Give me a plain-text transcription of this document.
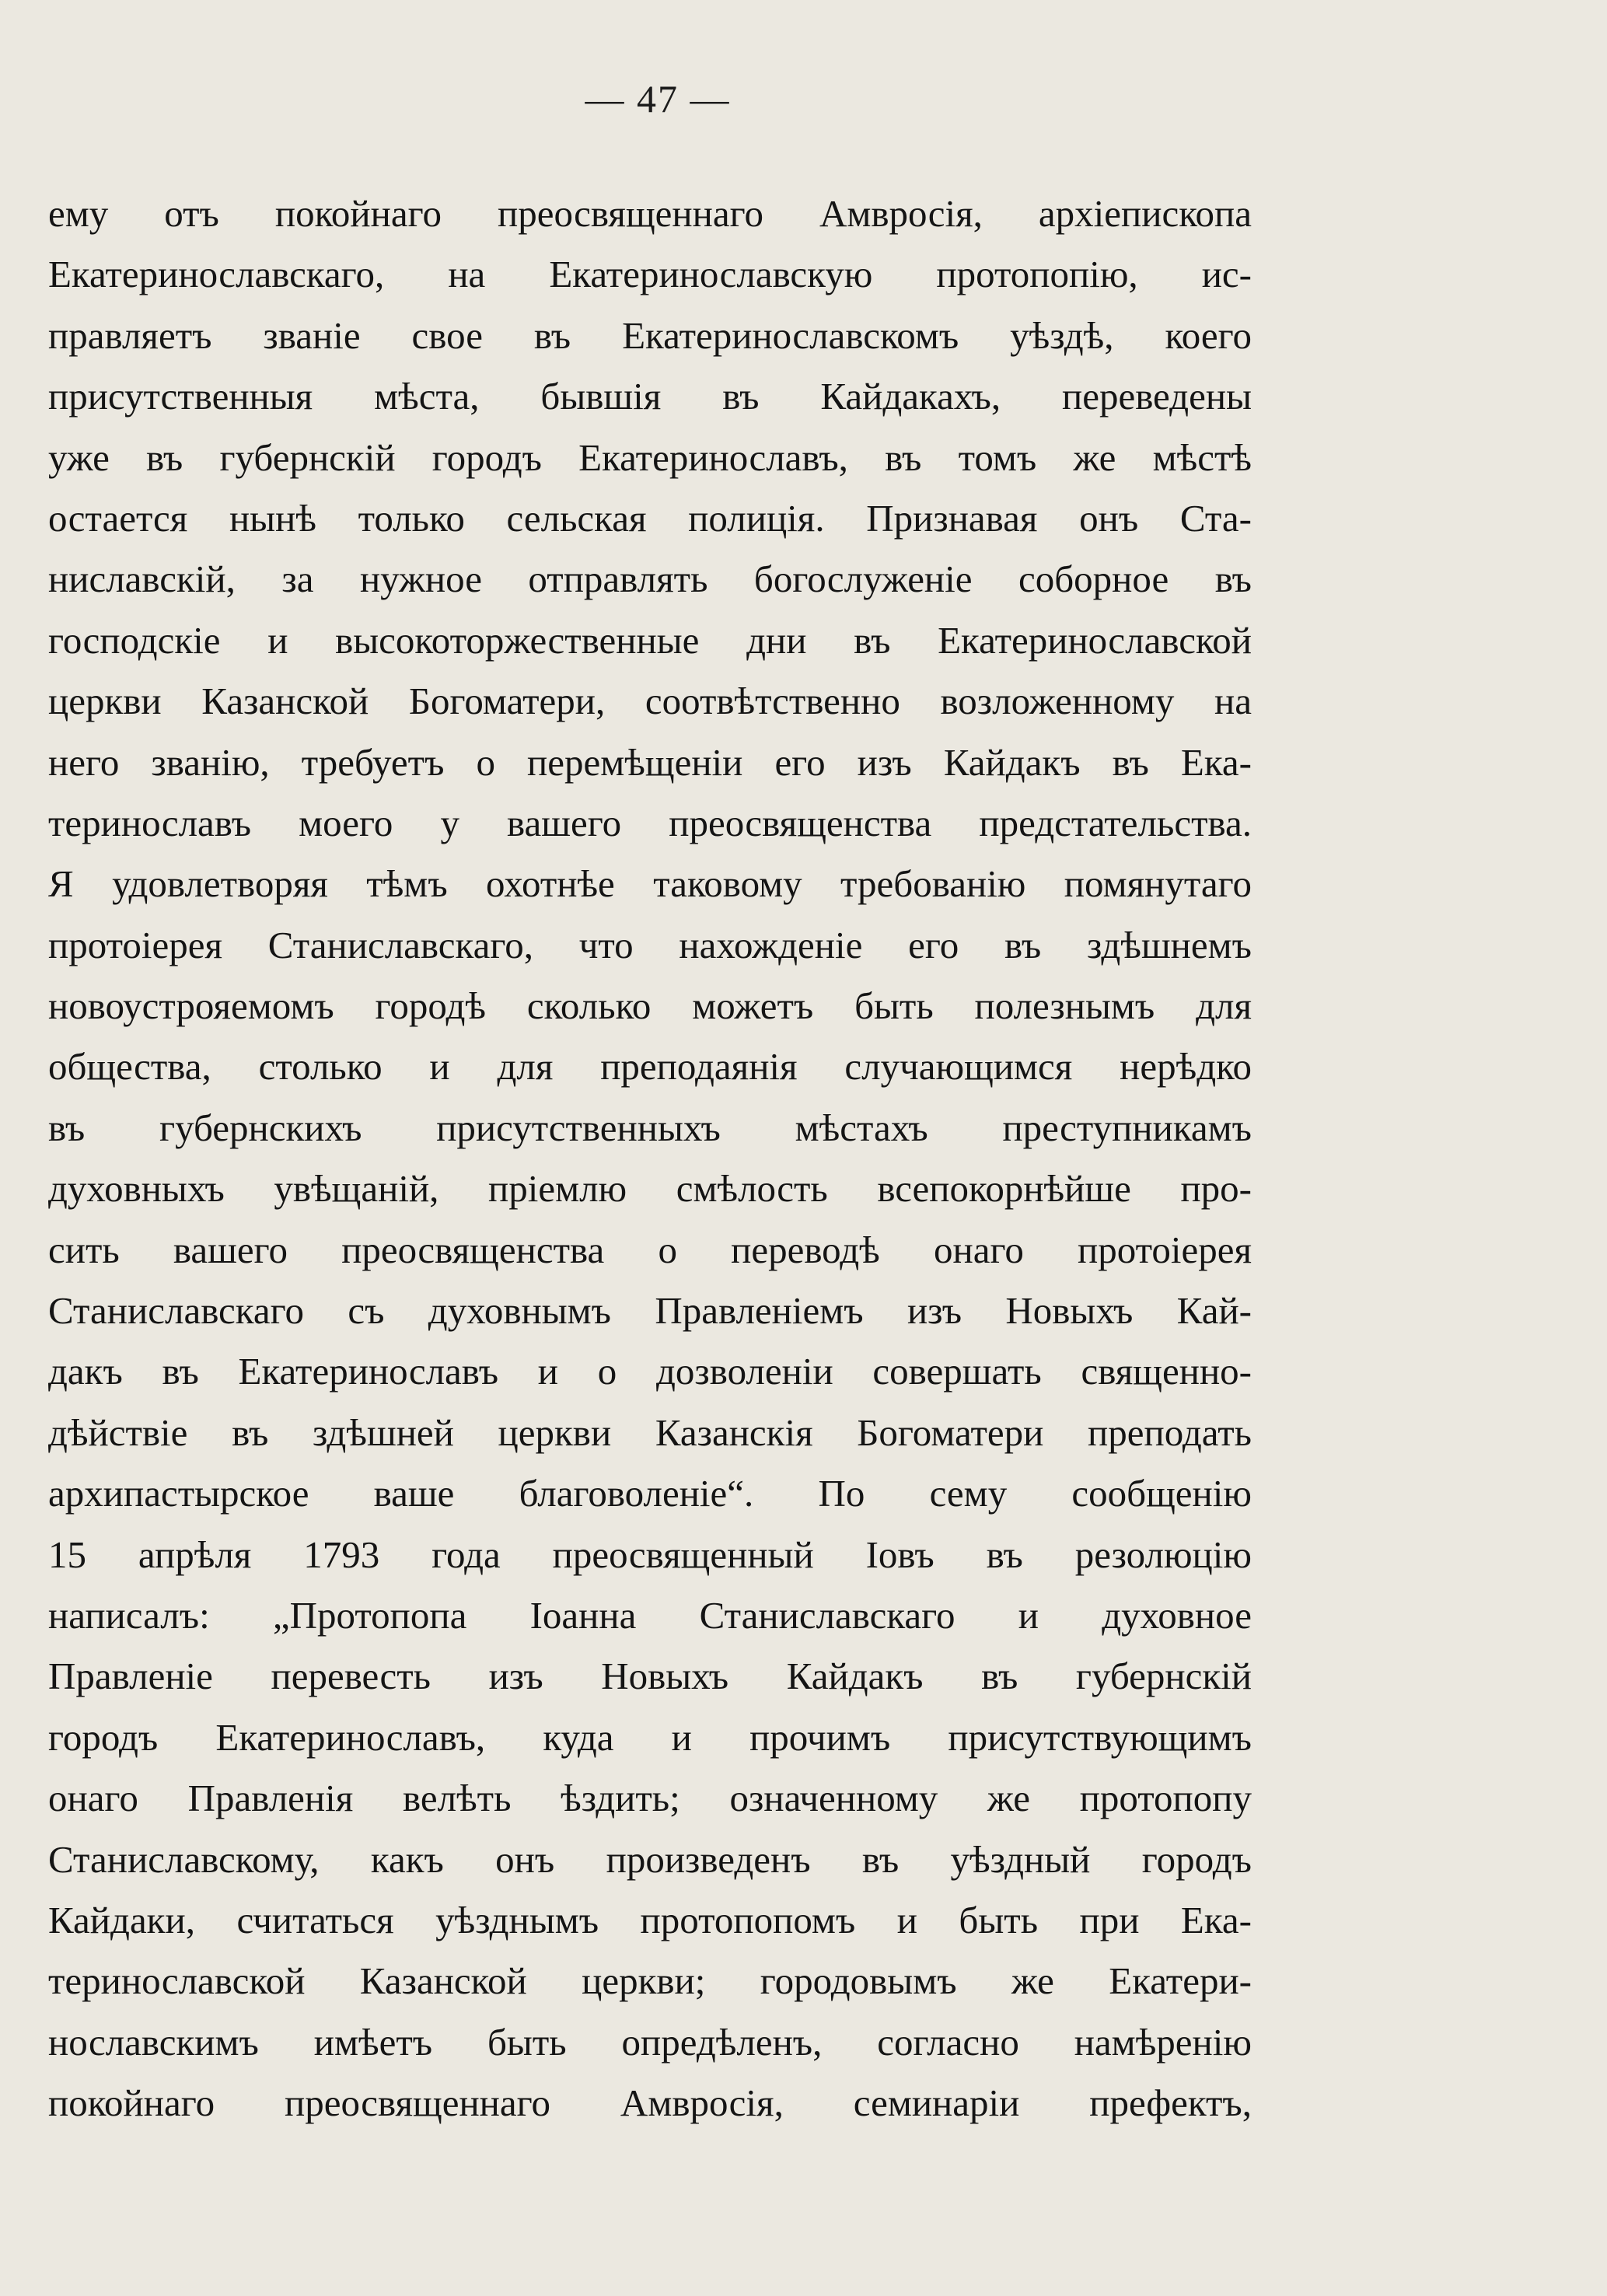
— 47 —
ему отъ покойнаго преосвященнаго Амвросія, архіепископа
Екатеринославскаго, на Екатеринославскую протопопію, ис-
правляетъ званіе свое въ Екатеринославскомъ уѣздѣ, коего
присутственныя мѣста, бывшія въ Кайдакахъ, переведены
уже въ губернскій городъ Екатеринославъ, въ томъ же мѣстѣ
остается нынѣ только сельская полиція. Признавая онъ Ста-
ниславскій, за нужное отправлять богослуженіе соборное въ
господскіе и высокоторжественные дни въ Екатеринославской
церкви Казанской Богоматери, соотвѣтственно возложенному на
него званію, требуетъ о перемѣщеніи его изъ Кайдакъ въ Ека-
теринославъ моего у вашего преосвященства предстательства.
Я удовлетворяя тѣмъ охотнѣе таковому требованію помянутаго
протоіерея Станиславскаго, что нахожденіе его въ здѣшнемъ
новоустрояемомъ городѣ сколько можетъ быть полезнымъ для
общества, столько и для преподаянія случающимся нерѣдко
въ губернскихъ присутственныхъ мѣстахъ преступникамъ
духовныхъ увѣщаній, пріемлю смѣлость всепокорнѣйше про-
сить вашего преосвященства о переводѣ онаго протоіерея
Станиславскаго съ духовнымъ Правленіемъ изъ Новыхъ Кай-
дакъ въ Екатеринославъ и о дозволеніи совершать священно-
дѣйствіе въ здѣшней церкви Казанскія Богоматери преподать
архипастырское ваше благоволеніе“. По сему сообщенію
15 апрѣля 1793 года преосвященный Іовъ въ резолюцію
написалъ: „Протопопа Іоанна Станиславскаго и духовное
Правленіе перевесть изъ Новыхъ Кайдакъ въ губернскій
городъ Екатеринославъ, куда и прочимъ присутствующимъ
онаго Правленія велѣть ѣздить; означенному же протопопу
Станиславскому, какъ онъ произведенъ въ уѣздный городъ
Кайдаки, считаться уѣзднымъ протопопомъ и быть при Ека-
теринославской Казанской церкви; городовымъ же Екатери-
нославскимъ имѣетъ быть опредѣленъ, согласно намѣренію
покойнаго преосвященнаго Амвросія, семинаріи префектъ,
